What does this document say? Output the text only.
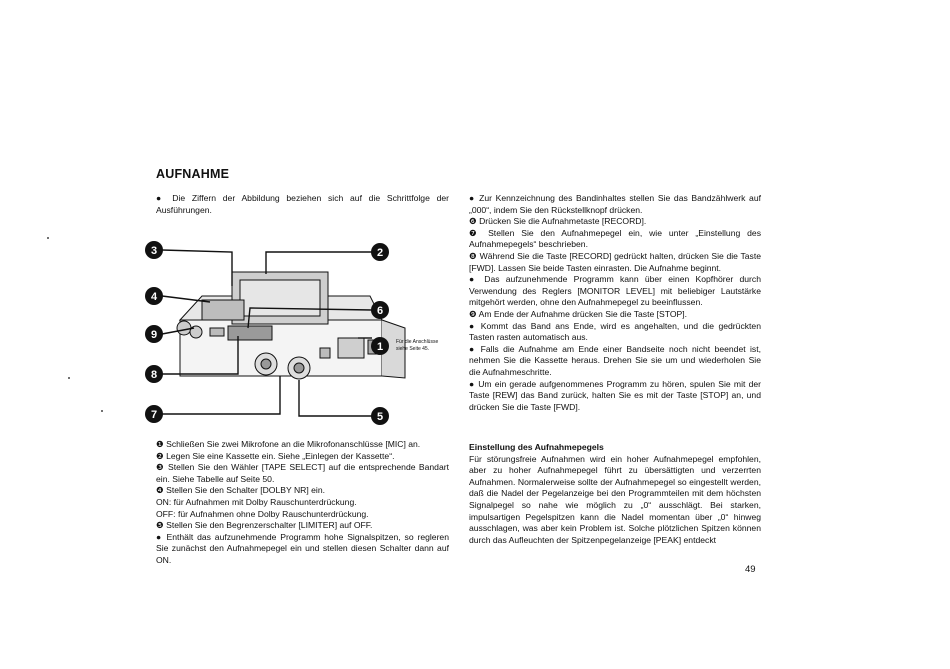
AUFNAHME

● Die Ziffern der Abbildung beziehen sich auf die Schrittfolge der Ausführungen.

3	2
4
6
9
1
8
7	5
Für die Anschlüsse
siehe Seite 45.
❶ Schließen Sie zwei Mikrofone an die Mikrofonanschlüsse [MIC] an.
❷ Legen Sie eine Kassette ein. Siehe „Einlegen der Kassette“.
❸ Stellen Sie den Wähler [TAPE SELECT] auf die entsprechende Bandart ein. Siehe Tabelle auf Seite 50.
❹ Stellen Sie den Schalter [DOLBY NR] ein.
ON: für Aufnahmen mit Dolby Rauschunterdrückung.
OFF: für Aufnahmen ohne Dolby Rauschunterdrückung.
❺ Stellen Sie den Begrenzerschalter [LIMITER] auf OFF.
● Enthält das aufzunehmende Programm hohe Signalspitzen, so regleren Sie zunächst den Aufnahmepegel ein und stellen diesen Schalter dann auf ON.
● Zur Kennzeichnung des Bandinhaltes stellen Sie das Bandzählwerk auf „000“, indem Sie den Rückstellknopf drücken.
❻ Drücken Sie die Aufnahmetaste [RECORD].
❼ Stellen Sie den Aufnahmepegel ein, wie unter „Einstellung des Aufnahmepegels“ beschrieben.
❽ Während Sie die Taste [RECORD] gedrückt halten, drücken Sie die Taste [FWD]. Lassen Sie beide Tasten einrasten. Die Aufnahme beginnt.
● Das aufzunehmende Programm kann über einen Kopfhörer durch Verwendung des Reglers [MONITOR LEVEL] mit beliebiger Lautstärke mitgehört werden, ohne den Aufnahmepegel zu beeinflussen.
❾ Am Ende der Aufnahme drücken Sie die Taste [STOP].
● Kommt das Band ans Ende, wird es angehalten, und die gedrückten Tasten rasten automatisch aus.
● Falls die Aufnahme am Ende einer Bandseite noch nicht beendet ist, nehmen Sie die Kassette heraus. Drehen Sie sie um und wiederholen Sie die Aufnahmeschritte.
● Um ein gerade aufgenommenes Programm zu hören, spulen Sie mit der Taste [REW] das Band zurück, halten Sie es mit der Taste [STOP] an, und drücken Sie die Taste [FWD].
Einstellung des Aufnahmepegels
Für störungsfreie Aufnahmen wird ein hoher Aufnahmepegel empfohlen, aber zu hoher Aufnahmepegel führt zu übersättigten und verzerrten Aufnahmen. Normalerweise sollte der Aufnahmepegel so eingestellt werden, daß die Nadel der Pegelanzeige bei den Programmteilen mit dem höchsten Signalpegel so nahe wie möglich zu „0“ ausschlägt. Bei starken, impulsartigen Pegelspitzen kann die Nadel momentan über „0“ hinweg ausschlagen, was aber kein Problem ist. Solche plötzlichen Spitzen können durch das Aufleuchten der Spitzenpegelanzeige [PEAK] entdeckt
49
